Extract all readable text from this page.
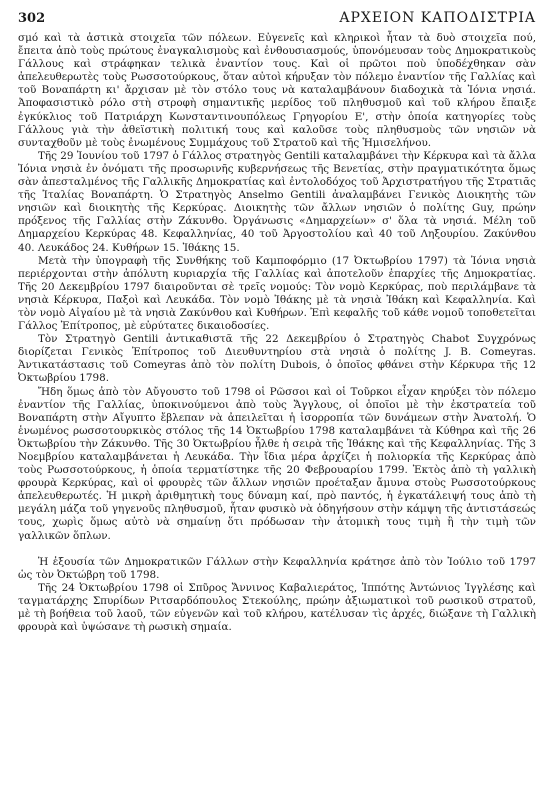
302	ΑΡΧΕΙΟΝ ΚΑΠΟΔΙΣΤΡΙΑ

σμό καὶ τὰ ἀστικὰ στοιχεῖα τῶν πόλεων. Εὐγενεῖς καὶ κληρικοὶ ἦταν τὰ δυὸ στοιχεῖα πού, ἔπειτα ἀπὸ τοὺς πρώτους ἐναγκαλισμοὺς καὶ ἐνθουσιασμούς, ὑπονόμευσαν τοὺς Δημοκρατικοὺς Γάλλους καὶ στράφηκαν τελικὰ ἐναντίον τους. Καὶ οἱ πρῶτοι ποὺ ὑποδέχθηκαν σὰν ἀπελευθερωτὲς τοὺς Ρωσσοτούρκους, ὅταν αὐτοὶ κήρυξαν τὸν πόλεμο ἐναντίον τῆς Γαλλίας καὶ τοῦ Βοναπάρτη κι' ἄρχισαν μὲ τὸν στόλο τους νὰ καταλαμβάνουν διαδοχικὰ τὰ Ἰόνια νησιά. Ἀποφασιστικὸ ρόλο στὴ στροφὴ σημαντικῆς μερίδος τοῦ πληθυσμοῦ καὶ τοῦ κλήρου ἔπαιξε ἐγκύκλιος τοῦ Πατριάρχη Κωνσταντινουπόλεως Γρηγορίου Ε', στὴν ὁποία κατηγορίες τοὺς Γάλλους γιὰ τὴν ἀθεϊστικὴ πολιτική τους καὶ καλοῦσε τοὺς πληθυσμοὺς τῶν νησιῶν νὰ συνταχθοῦν μὲ τοὺς ἐνωμένους Συμμάχους τοῦ Στρατοῦ καὶ τῆς Ἡμισελήνου.

Τῆς 29 Ἰουνίου τοῦ 1797 ὁ Γάλλος στρατηγὸς Gentili καταλαμβάνει τὴν Κέρκυρα καὶ τὰ ἄλλα Ἰόνια νησιὰ ἐν ὀνόματι τῆς προσωρινῆς κυβερνήσεως τῆς Βενετίας, στὴν πραγματικότητα ὅμως σὰν ἀπεσταλμένος τῆς Γαλλικῆς Δημοκρατίας καὶ ἐντολοδόχος τοῦ Ἀρχιστρατήγου τῆς Στρατιᾶς τῆς Ἰταλίας Βοναπάρτη. Ὁ Στρατηγὸς Anselmo Gentili ἀναλαμβάνει Γενικὸς Διοικητὴς τῶν νησιῶν καὶ διοικητὴς τῆς Κερκύρας. Διοικητὴς τῶν ἄλλων νησιῶν ὁ πολίτης Guy, πρώην πρόξενος τῆς Γαλλίας στὴν Ζάκυνθο. Ὀργάνωσις «Δημαρχείων» σ' ὅλα τὰ νησιά. Μέλη τοῦ Δημαρχείου Κερκύρας 48. Κεφαλληνίας, 40 τοῦ Ἀργοστολίου καὶ 40 τοῦ Ληξουρίου. Ζακύνθου 40. Λευκάδος 24. Κυθήρων 15. Ἰθάκης 15.

Μετὰ τὴν ὑπογραφὴ τῆς Συνθήκης τοῦ Καμποφόρμιο (17 Ὀκτωβρίου 1797) τὰ Ἰόνια νησιὰ περιέρχονται στὴν ἀπόλυτη κυριαρχία τῆς Γαλλίας καὶ ἀποτελοῦν ἐπαρχίες τῆς Δημοκρατίας. Τῆς 20 Δεκεμβρίου 1797 διαιροῦνται σὲ τρεῖς νομούς: Τὸν νομὸ Κερκύρας, ποὺ περιλάμβανε τὰ νησιὰ Κέρκυρα, Παξοὶ καὶ Λευκάδα. Τὸν νομὸ Ἰθάκης μὲ τὰ νησιὰ Ἰθάκη καὶ Κεφαλληνία. Καὶ τὸν νομὸ Αἰγαίου μὲ τὰ νησιὰ Ζακύνθου καὶ Κυθήρων. Ἐπὶ κεφαλῆς τοῦ κάθε νομοῦ τοποθετεῖται Γάλλος Ἐπίτροπος, μὲ εὐρύτατες δικαιοδοσίες.

Τὸν Στρατηγὸ Gentili ἀντικαθιστᾶ τῆς 22 Δεκεμβρίου ὁ Στρατηγὸς Chabot Συγχρόνως διορίζεται Γενικὸς Ἐπίτροπος τοῦ Διευθυντηρίου στὰ νησιὰ ὁ πολίτης J. B. Comeyras. Ἀντικατάστασις τοῦ Comeyras ἀπὸ τὸν πολίτη Dubois, ὁ ὁποῖος φθάνει στὴν Κέρκυρα τῆς 12 Ὀκτωβρίου 1798.

Ἤδη ὅμως ἀπὸ τὸν Αὔγουστο τοῦ 1798 οἱ Ρῶσσοι καὶ οἱ Τοῦρκοι εἶχαν κηρύξει τὸν πόλεμο ἐναντίον τῆς Γαλλίας, ὑποκινούμενοι ἀπὸ τοὺς Ἄγγλους, οἱ ὁποῖοι μὲ τὴν ἐκστρατεία τοῦ Βοναπάρτη στὴν Αἴγυπτο ἔβλεπαν νὰ ἀπειλεῖται ἡ ἰσορροπία τῶν δυνάμεων στὴν Ἀνατολή. Ὁ ἑνωμένος ρωσσοτουρκικὸς στόλος τῆς 14 Ὀκτωβρίου 1798 καταλαμβάνει τὰ Κύθηρα καὶ τῆς 26 Ὀκτωβρίου τὴν Ζάκυνθο. Τῆς 30 Ὀκτωβρίου ἦλθε ἡ σειρὰ τῆς Ἰθάκης καὶ τῆς Κεφαλληνίας. Τῆς 3 Νοεμβρίου καταλαμβάνεται ἡ Λευκάδα. Τὴν ἴδια μέρα ἀρχίζει ἡ πολιορκία τῆς Κερκύρας ἀπὸ τοὺς Ρωσσοτούρκους, ἡ ὁποία τερματίστηκε τῆς 20 Φεβρουαρίου 1799. Ἐκτὸς ἀπὸ τὴ γαλλικὴ φρουρὰ Κερκύρας, καὶ οἱ φρουρὲς τῶν ἄλλων νησιῶν προέταξαν ἄμυνα στοὺς Ρωσσοτούρκους ἀπελευθερωτές. Ἡ μικρὴ ἀριθμητικὴ τους δύναμη καί, πρὸ παντός, ἡ ἐγκατάλειψή τους ἀπὸ τὴ μεγάλη μάζα τοῦ γηγενοῦς πληθυσμοῦ, ἦταν φυσικὸ νὰ ὁδηγήσουν στὴν κάμψη τῆς ἀντιστάσεώς τους, χωρὶς ὅμως αὐτὸ νὰ σημαίνῃ ὅτι πρόδωσαν τὴν ἀτομικὴ τους τιμὴ ἢ τὴν τιμὴ τῶν γαλλικῶν ὅπλων.

Ἡ ἐξουσία τῶν Δημοκρατικῶν Γάλλων στὴν Κεφαλληνία κράτησε ἀπὸ τὸν Ἰούλιο τοῦ 1797 ὡς τὸν Ὀκτώβρη τοῦ 1798.

Τῆς 24 Ὀκτωβρίου 1798 οἱ Σπῦρος Ἄννινος Καβαλιεράτος, Ἱππότης Ἀντώνιος Ἰγγλέσης καὶ ταγματάρχης Σπυρίδων Ριτσαρδόπουλος Στεκούλης, πρώην ἀξιωματικοὶ τοῦ ρωσικοῦ στρατοῦ, μὲ τὴ βοήθεια τοῦ λαοῦ, τῶν εὐγενῶν καὶ τοῦ κλήρου, κατέλυσαν τὶς ἀρχές, διώξανε τὴ Γαλλικὴ φρουρὰ καὶ ὑψώσανε τὴ ρωσικὴ σημαία.
